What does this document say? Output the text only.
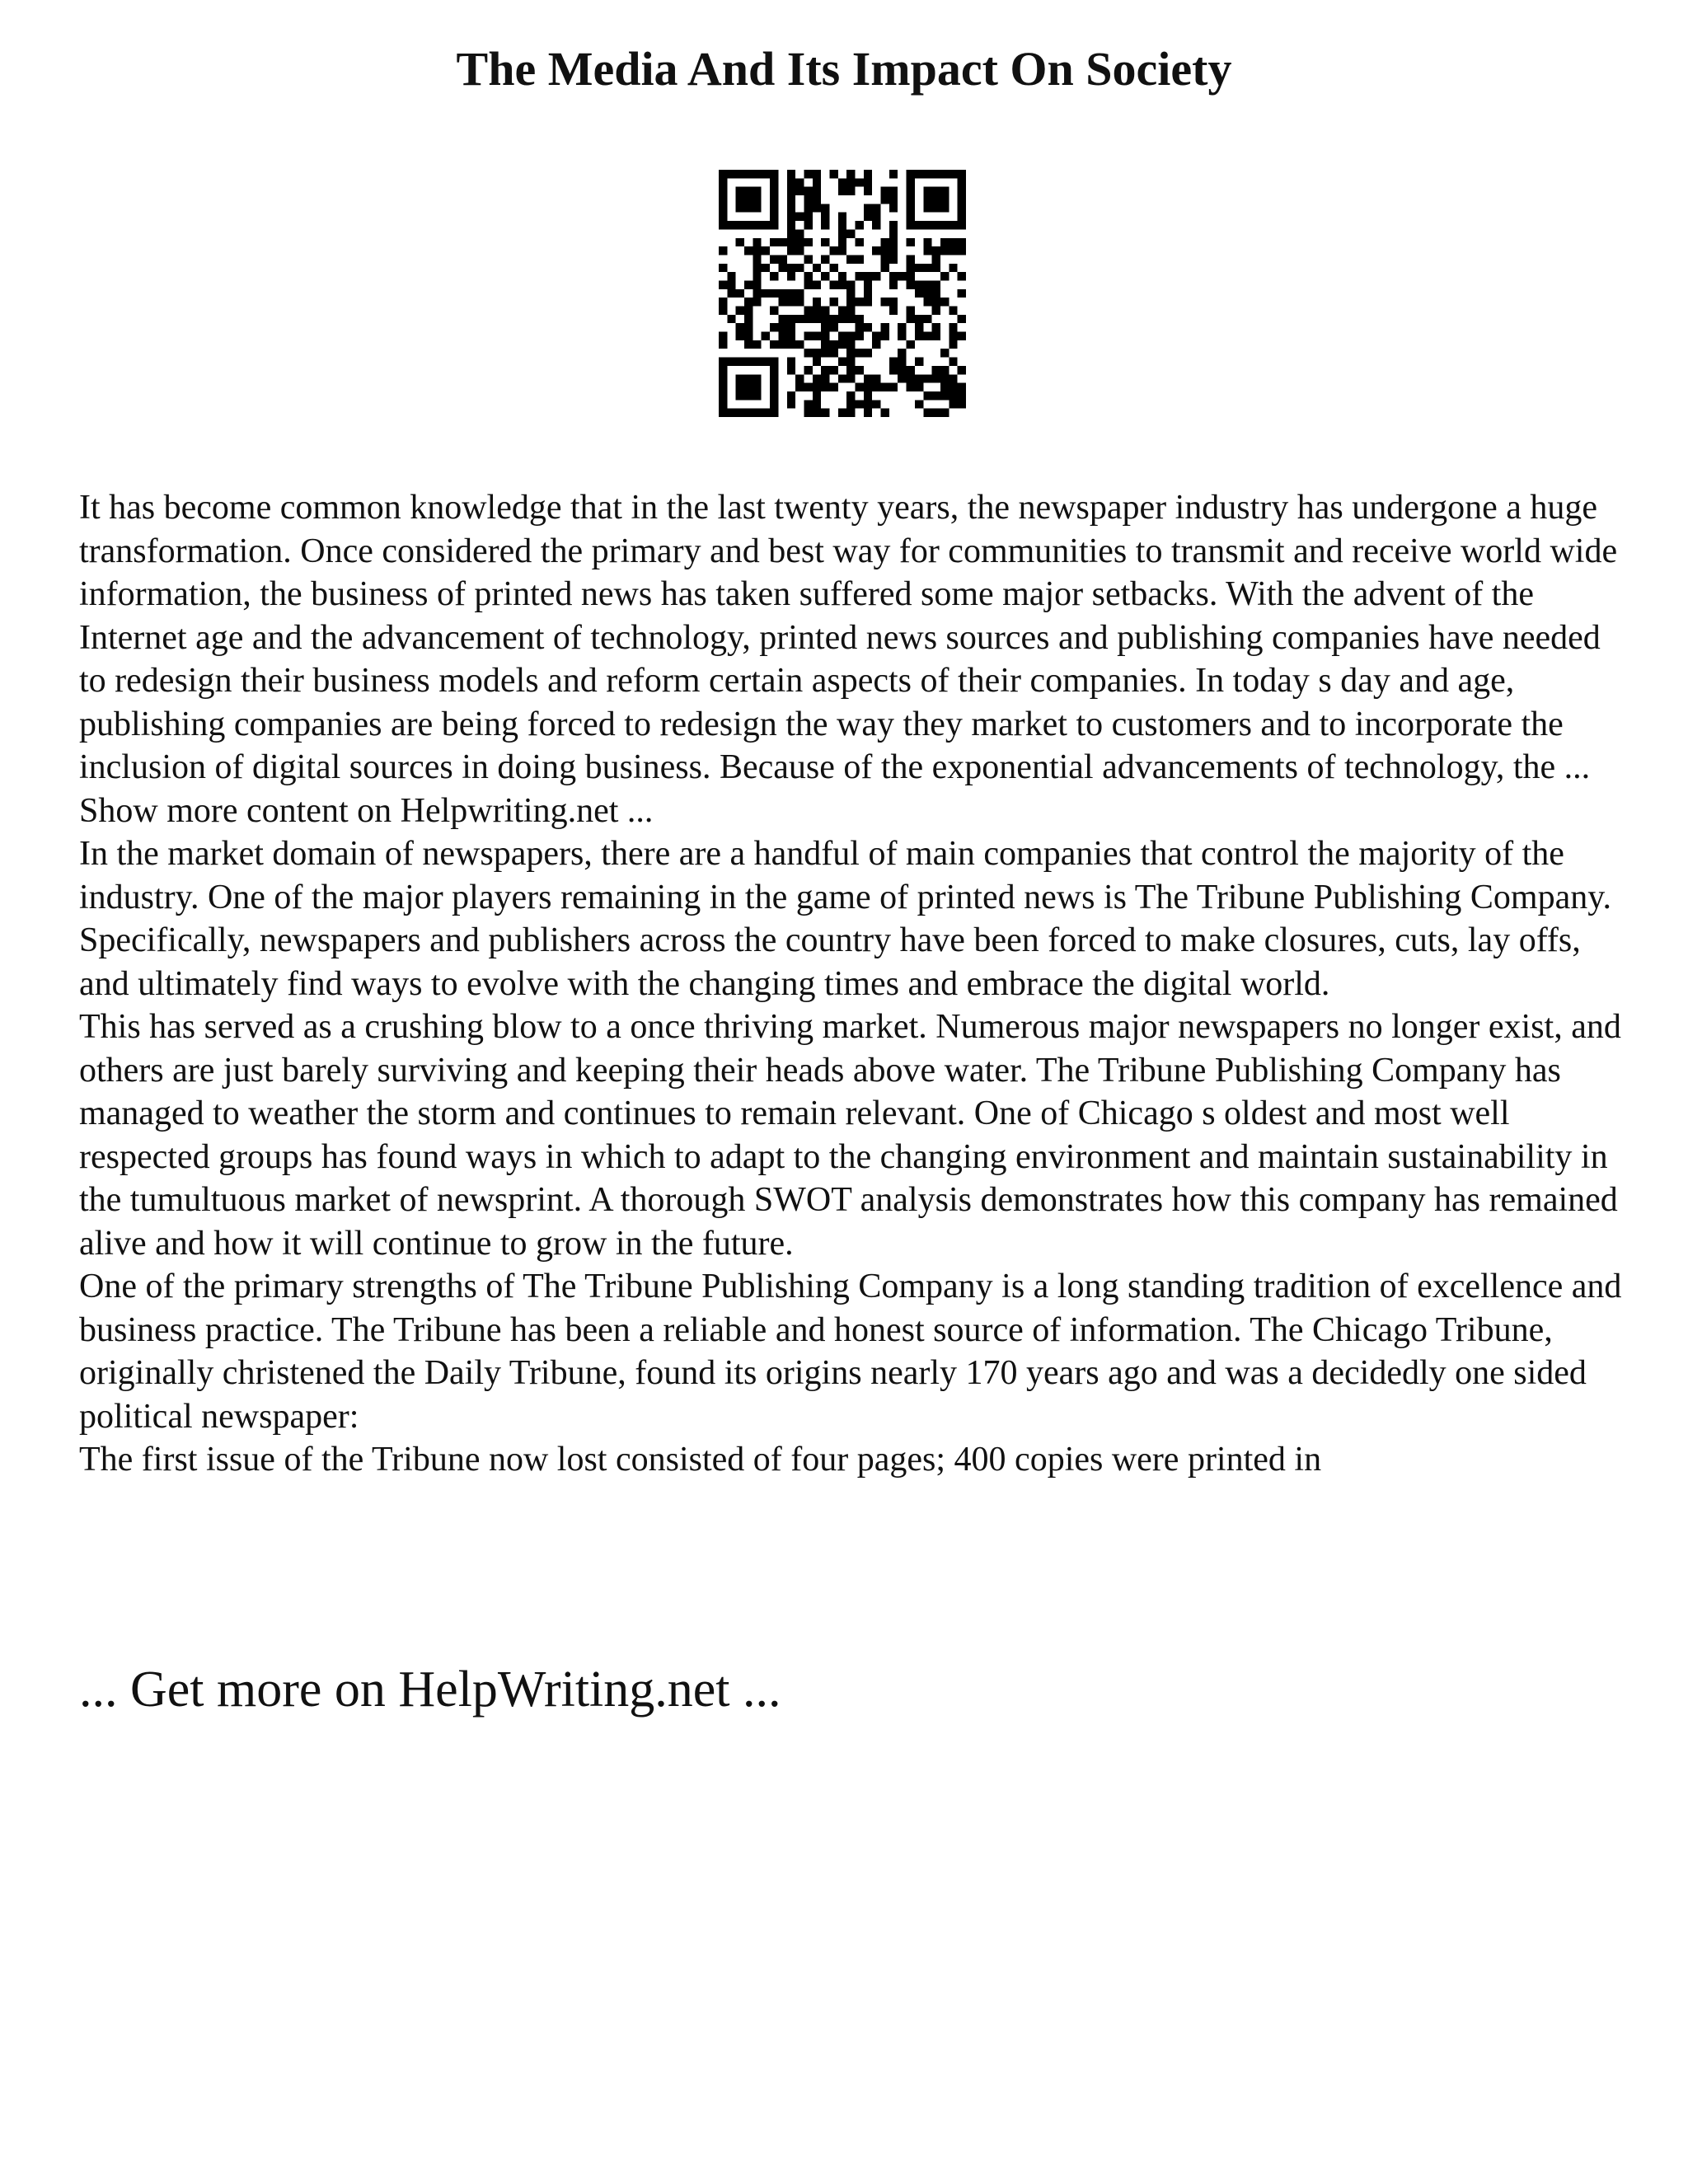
The Media And Its Impact On Society

It has become common knowledge that in the last twenty years, the newspaper industry has undergone a huge transformation. Once considered the primary and best way for communities to transmit and receive world wide information, the business of printed news has taken suffered some major setbacks. With the advent of the Internet age and the advancement of technology, printed news sources and publishing companies have needed to redesign their business models and reform certain aspects of their companies. In today s day and age, publishing companies are being forced to redesign the way they market to customers and to incorporate the inclusion of digital sources in doing business. Because of the exponential advancements of technology, the ... Show more content on Helpwriting.net ...

In the market domain of newspapers, there are a handful of main companies that control the majority of the industry. One of the major players remaining in the game of printed news is The Tribune Publishing Company. Specifically, newspapers and publishers across the country have been forced to make closures, cuts, lay offs, and ultimately find ways to evolve with the changing times and embrace the digital world.

This has served as a crushing blow to a once thriving market. Numerous major newspapers no longer exist, and others are just barely surviving and keeping their heads above water. The Tribune Publishing Company has managed to weather the storm and continues to remain relevant. One of Chicago s oldest and most well respected groups has found ways in which to adapt to the changing environment and maintain sustainability in the tumultuous market of newsprint. A thorough SWOT analysis demonstrates how this company has remained alive and how it will continue to grow in the future.

One of the primary strengths of The Tribune Publishing Company is a long standing tradition of excellence and business practice. The Tribune has been a reliable and honest source of information. The Chicago Tribune, originally christened the Daily Tribune, found its origins nearly 170 years ago and was a decidedly one sided political newspaper:

The first issue of the Tribune now lost consisted of four pages; 400 copies were printed in

... Get more on HelpWriting.net ...
